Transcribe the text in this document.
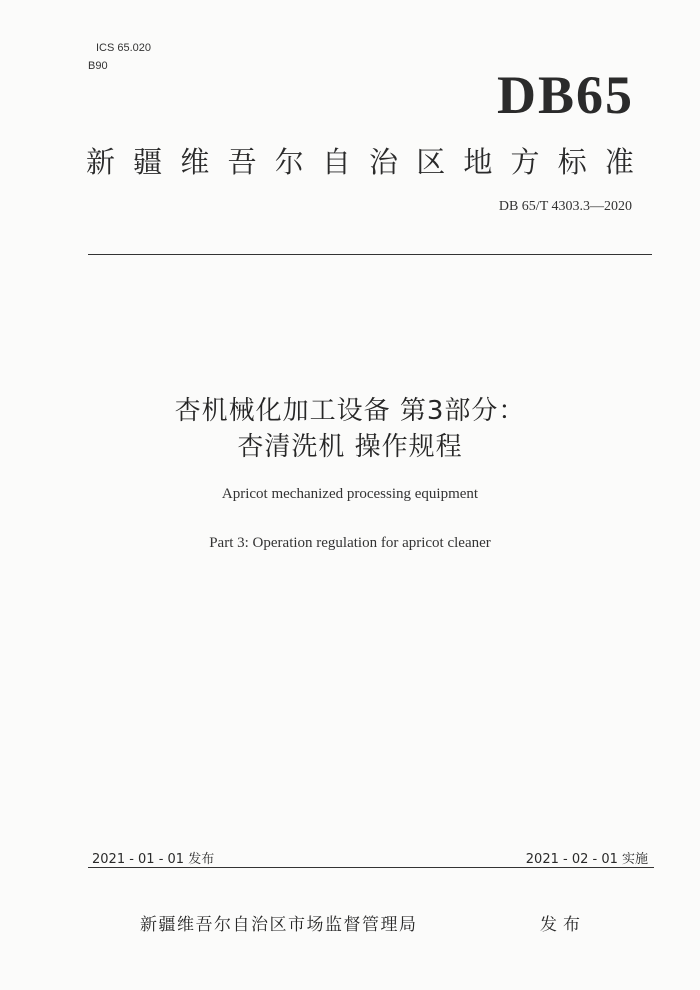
ICS 65.020
B90	DB65
新 疆 维 吾 尔 自 治 区 地 方 标 准
DB 65/T 4303.3—2020
杏机械化加工设备 第3部分：
杏清洗机 操作规程
Apricot mechanized processing equipment
Part 3: Operation regulation for apricot cleaner
2021 - 01 - 01 发布	2021 - 02 - 01 实施
新疆维吾尔自治区市场监督管理局	发布
